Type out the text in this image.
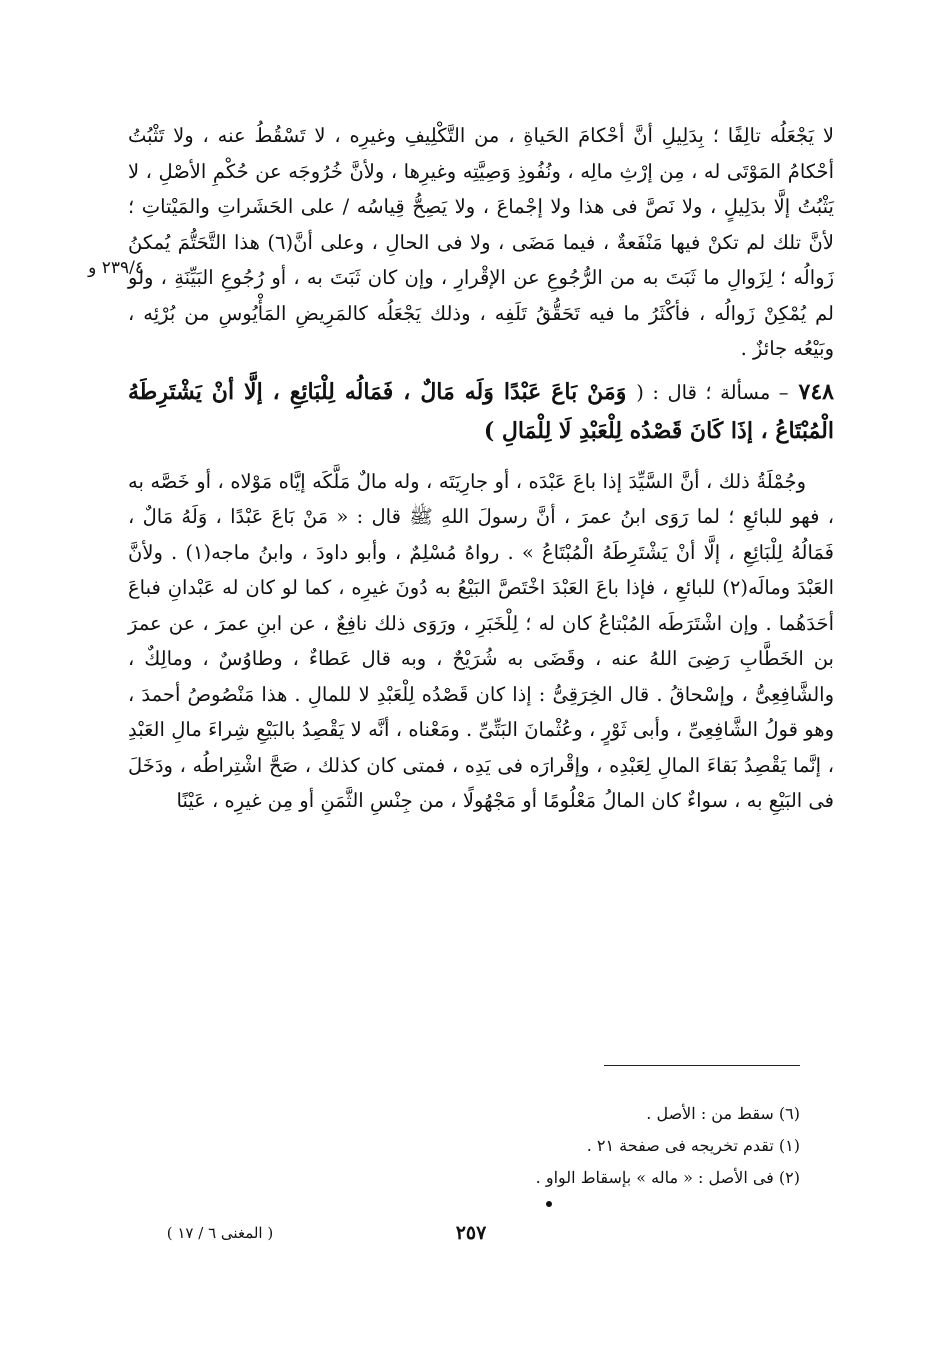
٢٣٩/٤ و

لا يَجْعَلُه تالِفًا ؛ بِدَلِيلِ أنَّ أحْكامَ الحَياةِ ، من التَّكْلِيفِ وغيرِه ، لا تَسْقُطُ عنه ، ولا تَثْبُتُ أحْكامُ المَوْتَى له ، مِن إرْثِ مالِه ، ونُفُوذِ وَصِيَّتِه وغيرِها ، ولأنَّ خُرُوجَه عن حُكْمِ الأصْلِ ، لا يَثْبُتُ إلَّا بدَلِيلٍ ، ولا نَصَّ فى هذا ولا إجْماعَ ، ولا يَصِحُّ قِياسُه / على الحَشَراتِ والمَيْتاتِ ؛ لأنَّ تلك لم تكنْ فيها مَنْفَعةٌ ، فيما مَضَى ، ولا فى الحالِ ، وعلى أنَّ(٦) هذا التَّحَتُّمَ يُمكنُ زَوالُه ؛ لِزَوالِ ما ثَبَتَ به من الرُّجُوعِ عن الإقْرارِ ، وإن كان ثَبَتَ به ، أو رُجُوعِ البَيِّنَةِ ، ولو لم يُمْكِنْ زَوالُه ، فأكْثَرُ ما فيه تَحَقُّقُ تَلَفِه ، وذلك يَجْعَلُه كالمَرِيضِ المَأْيُوسِ من بُرْئِه ، وبَيْعُه جائزٌ .

٧٤٨ – مسألة ؛ قال : ( وَمَنْ بَاعَ عَبْدًا وَلَه مَالٌ ، فَمَالُه لِلْبَائِعِ ، إلَّا أنْ يَشْتَرِطَهُ الْمُبْتَاعُ ، إذَا كَانَ قَصْدُه لِلْعَبْدِ لَا لِلْمَالِ )

وجُمْلَةُ ذلك ، أنَّ السَّيِّدَ إذا باعَ عَبْدَه ، أو جارِيَتَه ، وله مالٌ مَلَّكَه إيَّاه مَوْلاه ، أو خَصَّه به ، فهو للبائعِ ؛ لما رَوَى ابنُ عمرَ ، أنَّ رسولَ اللهِ ﷺ قال : « مَنْ بَاعَ عَبْدًا ، وَلَهُ مَالٌ ، فَمَالُهُ لِلْبَائِعِ ، إلَّا أنْ يَشْتَرِطَهُ الْمُبْتَاعُ » . رواهُ مُسْلِمٌ ، وأبو داودَ ، وابنُ ماجه(١) . ولأنَّ العَبْدَ ومالَه(٢) للبائعِ ، فإذا باعَ العَبْدَ اخْتَصَّ البَيْعُ به دُونَ غيرِه ، كما لو كان له عَبْدانِ فباعَ أحَدَهُما . وإن اشْتَرَطَه المُبْتاعُ كان له ؛ لِلْخَبَرِ ، ورَوَى ذلك نافِعٌ ، عن ابنِ عمرَ ، عن عمرَ بن الخَطَّابِ رَضِىَ اللهُ عنه ، وقَضَى به شُرَيْحٌ ، وبه قال عَطاءٌ ، وطاوُسٌ ، ومالِكٌ ، والشَّافِعِىُّ ، وإسْحاقُ . قال الخِرَقِىُّ : إذا كان قَصْدُه لِلْعَبْدِ لا للمالِ . هذا مَنْصُوصُ أحمدَ ، وهو قولُ الشَّافِعِىِّ ، وأبى ثَوْرٍ ، وعُثْمانَ البَتِّىِّ . ومَعْناه ، أنَّه لا يَقْصِدُ بالبَيْعِ شِراءَ مالِ العَبْدِ ، إنَّما يَقْصِدُ بَقاءَ المالِ لِعَبْدِه ، وإقْرارَه فى يَدِه ، فمتى كان كذلك ، صَحَّ اشْتِراطُه ، ودَخَلَ فى البَيْعِ به ، سواءٌ كان المالُ مَعْلُومًا أو مَجْهُولًا ، من جِنْسِ الثَّمَنِ أو مِن غيرِه ، عَيْنًا

(٦) سقط من : الأصل .

(١) تقدم تخريجه فى صفحة ٢١ .

(٢) فى الأصل : « ماله » بإسقاط الواو .

٢٥٧
( المغنى ٦ / ١٧ )
